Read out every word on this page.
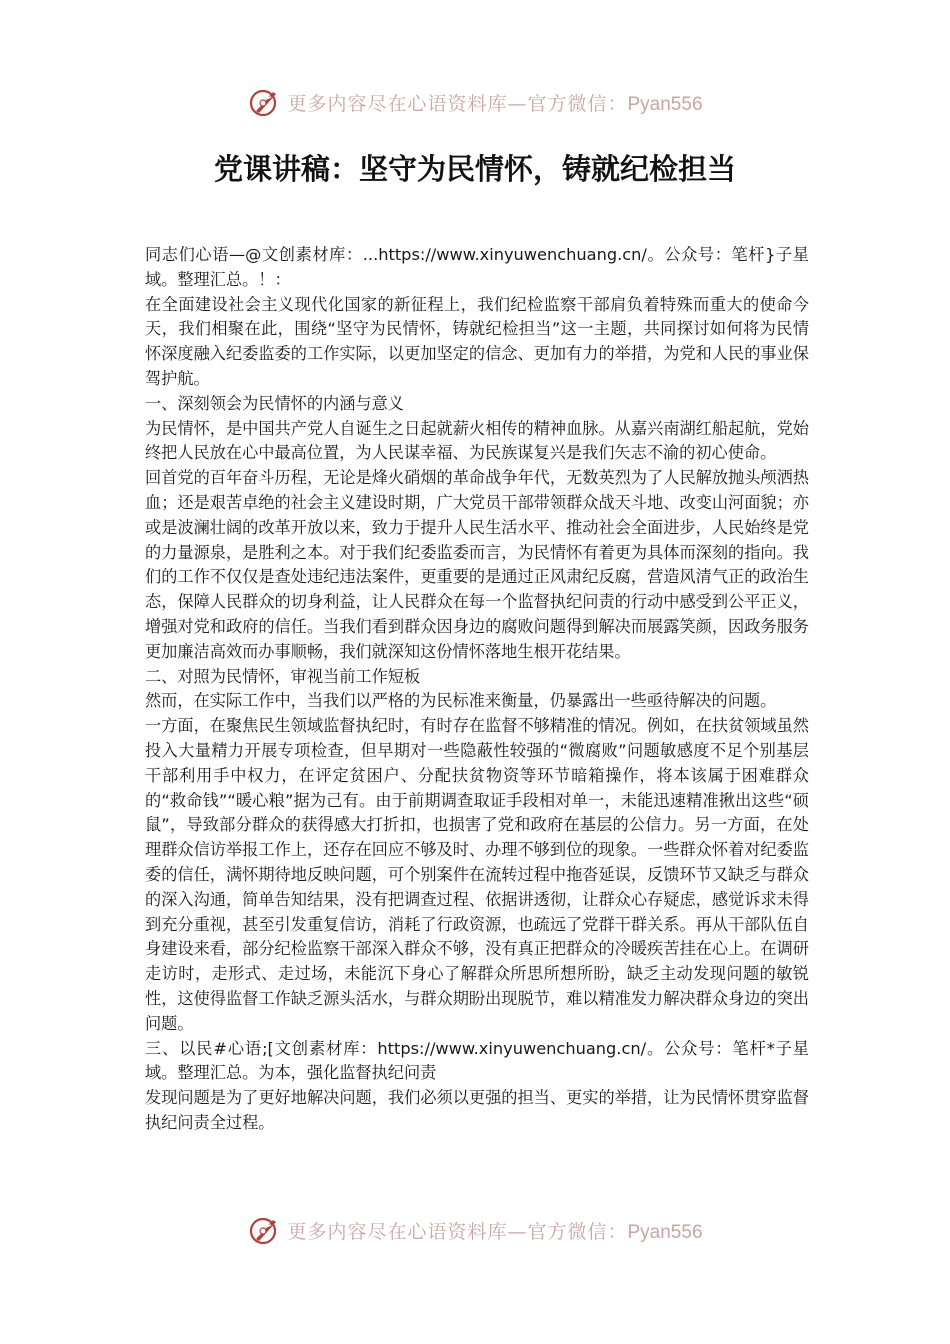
更多内容尽在心语资料库—官方微信：Pyan556
党课讲稿：坚守为民情怀，铸就纪检担当

同志们心语—@文创素材库：...https://www.xinyuwenchuang.cn/。公众号：笔杆}子星域。整理汇总。！：

在全面建设社会主义现代化国家的新征程上，我们纪检监察干部肩负着特殊而重大的使命今天，我们相聚在此，围绕“坚守为民情怀，铸就纪检担当”这一主题，共同探讨如何将为民情怀深度融入纪委监委的工作实际，以更加坚定的信念、更加有力的举措，为党和人民的事业保驾护航。

一、深刻领会为民情怀的内涵与意义

为民情怀，是中国共产党人自诞生之日起就薪火相传的精神血脉。从嘉兴南湖红船起航，党始终把人民放在心中最高位置，为人民谋幸福、为民族谋复兴是我们矢志不渝的初心使命。

回首党的百年奋斗历程，无论是烽火硝烟的革命战争年代，无数英烈为了人民解放抛头颅洒热血；还是艰苦卓绝的社会主义建设时期，广大党员干部带领群众战天斗地、改变山河面貌；亦或是波澜壮阔的改革开放以来，致力于提升人民生活水平、推动社会全面进步，人民始终是党的力量源泉，是胜利之本。对于我们纪委监委而言，为民情怀有着更为具体而深刻的指向。我们的工作不仅仅是查处违纪违法案件，更重要的是通过正风肃纪反腐，营造风清气正的政治生态，保障人民群众的切身利益，让人民群众在每一个监督执纪问责的行动中感受到公平正义，增强对党和政府的信任。当我们看到群众因身边的腐败问题得到解决而展露笑颜，因政务服务更加廉洁高效而办事顺畅，我们就深知这份情怀落地生根开花结果。

二、对照为民情怀，审视当前工作短板

然而，在实际工作中，当我们以严格的为民标准来衡量，仍暴露出一些亟待解决的问题。

一方面，在聚焦民生领域监督执纪时，有时存在监督不够精准的情况。例如，在扶贫领域虽然投入大量精力开展专项检查，但早期对一些隐蔽性较强的“微腐败”问题敏感度不足个别基层干部利用手中权力，在评定贫困户、分配扶贫物资等环节暗箱操作，将本该属于困难群众的“救命钱”“暖心粮”据为己有。由于前期调查取证手段相对单一，未能迅速精准揪出这些“硕鼠”，导致部分群众的获得感大打折扣，也损害了党和政府在基层的公信力。另一方面，在处理群众信访举报工作上，还存在回应不够及时、办理不够到位的现象。一些群众怀着对纪委监委的信任，满怀期待地反映问题，可个别案件在流转过程中拖沓延误，反馈环节又缺乏与群众的深入沟通，简单告知结果，没有把调查过程、依据讲透彻，让群众心存疑虑，感觉诉求未得到充分重视，甚至引发重复信访，消耗了行政资源，也疏远了党群干群关系。再从干部队伍自身建设来看，部分纪检监察干部深入群众不够，没有真正把群众的冷暖疾苦挂在心上。在调研走访时，走形式、走过场，未能沉下身心了解群众所思所想所盼，缺乏主动发现问题的敏锐性，这使得监督工作缺乏源头活水，与群众期盼出现脱节，难以精准发力解决群众身边的突出问题。

三、以民#心语;[文创素材库：https://www.xinyuwenchuang.cn/。公众号：笔杆*子星域。整理汇总。为本，强化监督执纪问责

发现问题是为了更好地解决问题，我们必须以更强的担当、更实的举措，让为民情怀贯穿监督执纪问责全过程。

更多内容尽在心语资料库—官方微信：Pyan556
